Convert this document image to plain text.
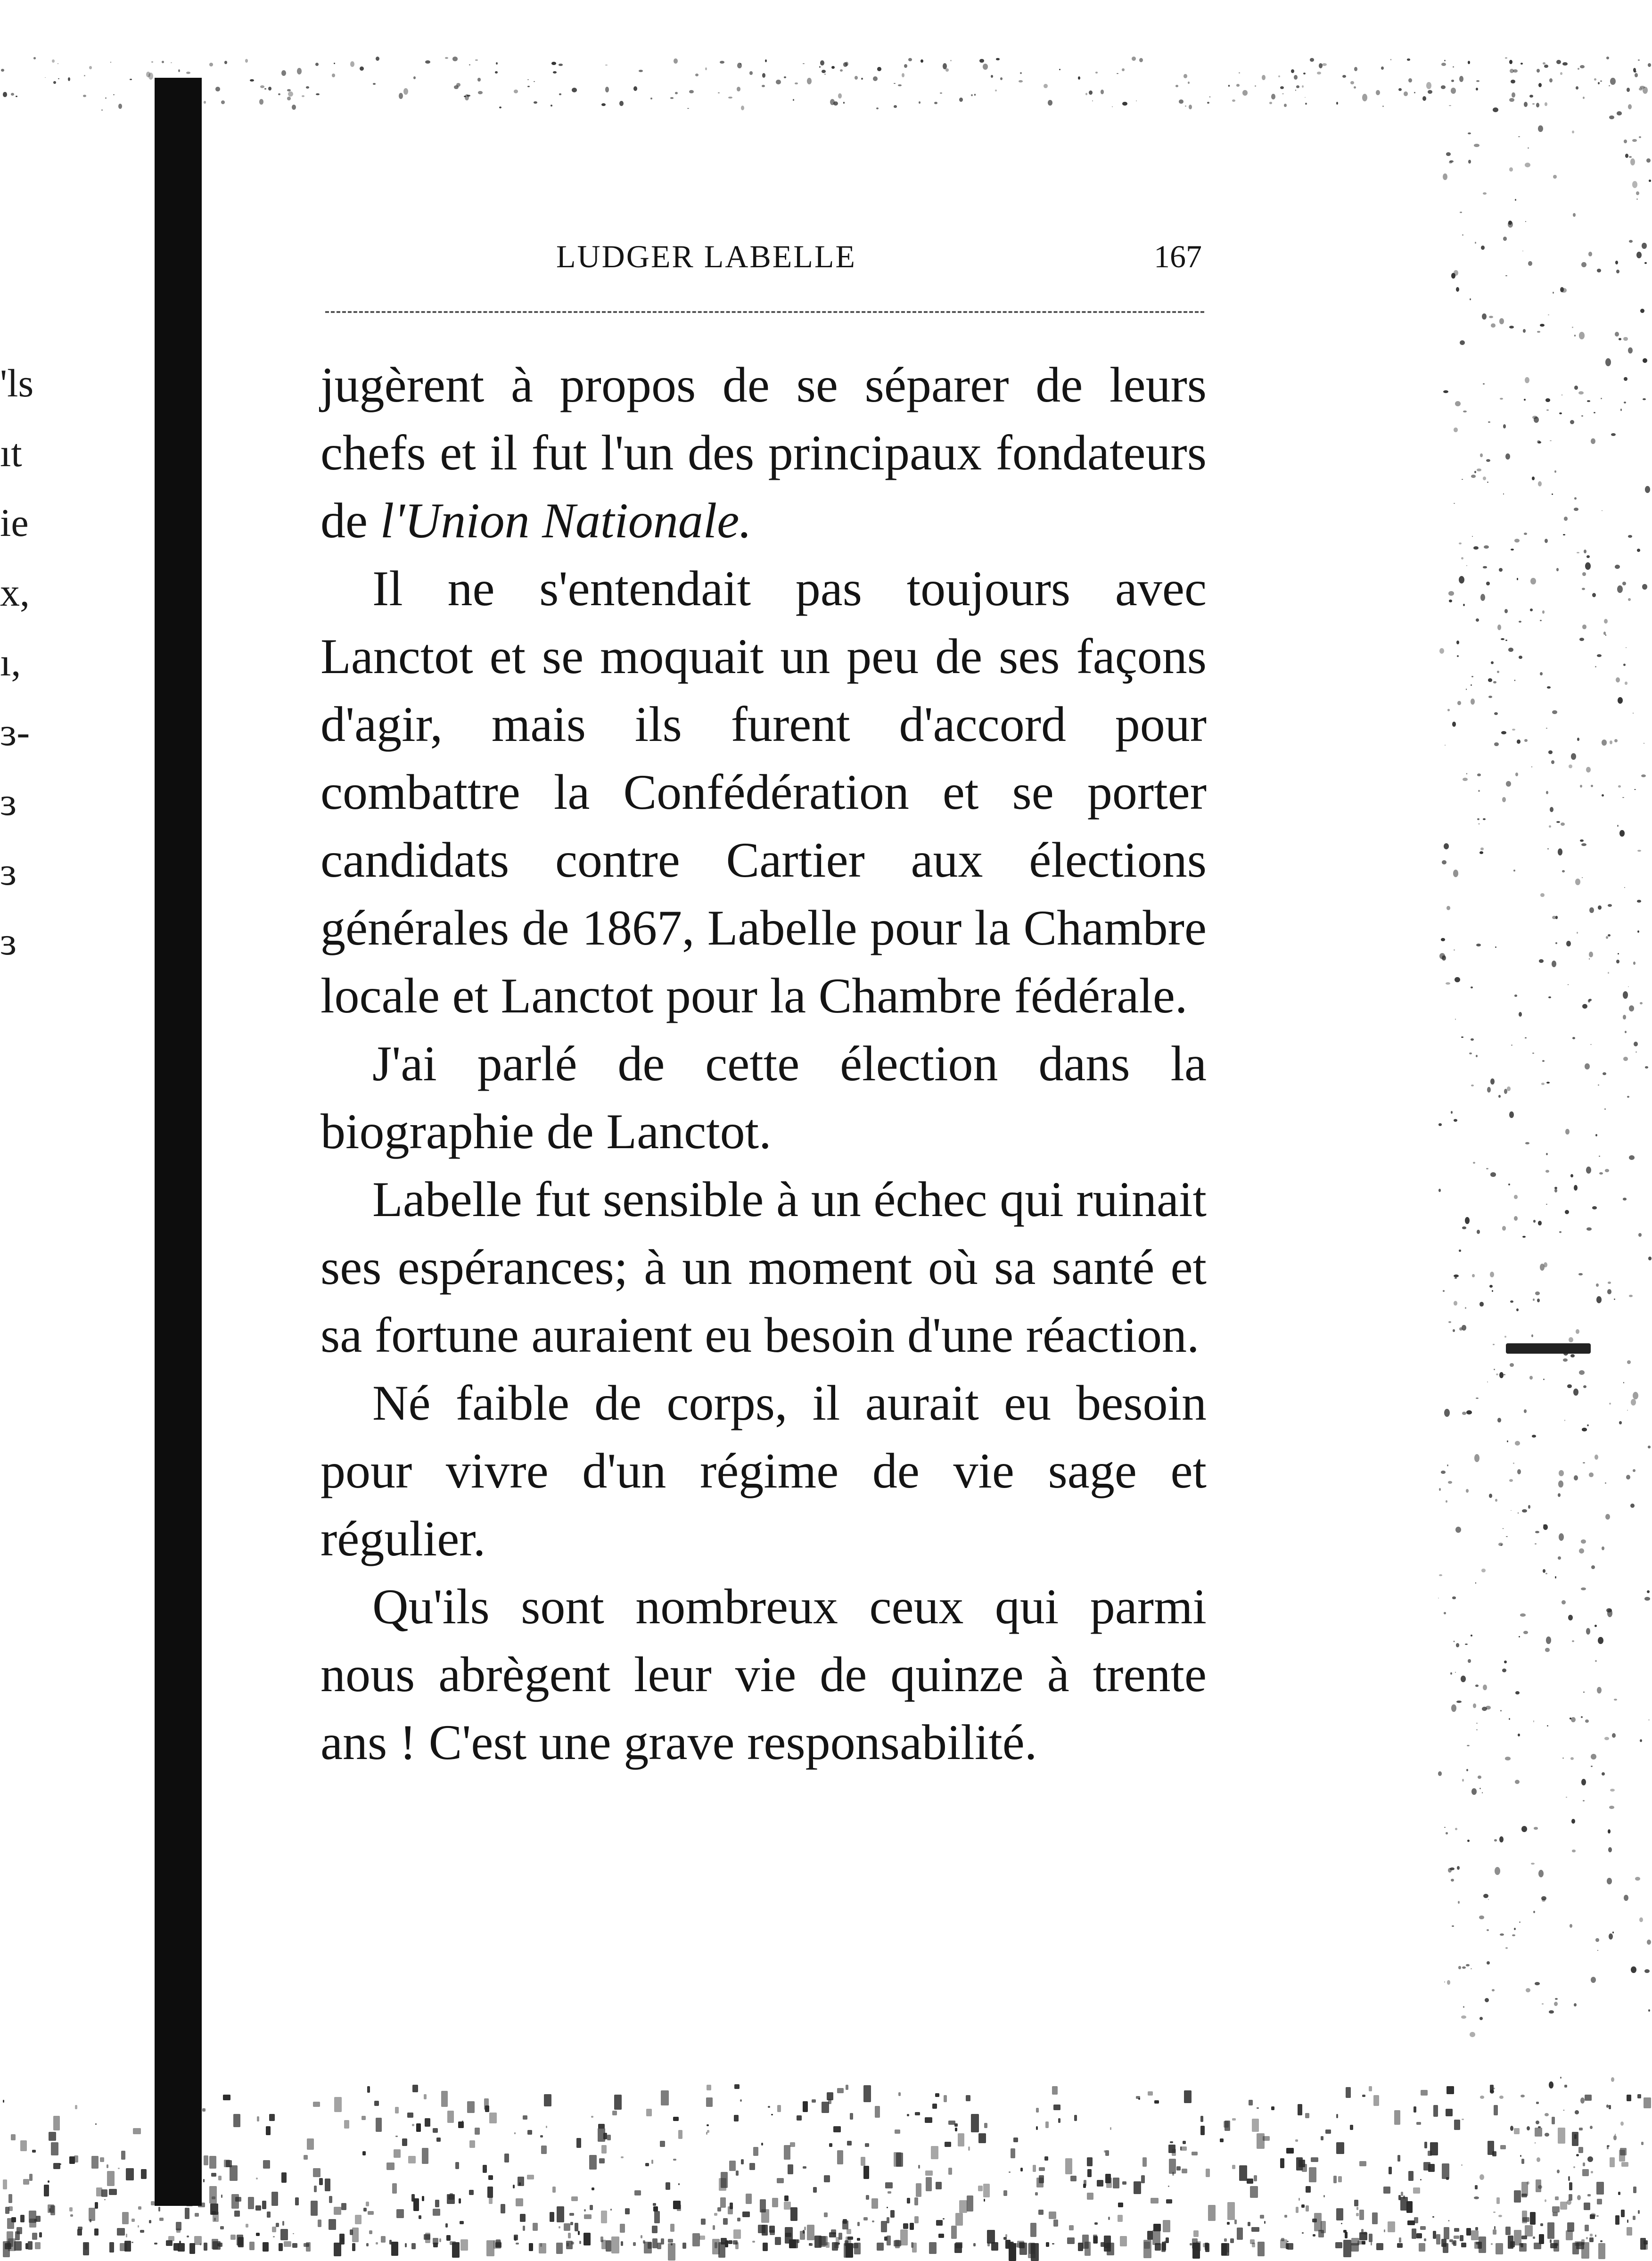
'ls
ıt
ie
x,
ı,
ɜ-
ɜ
ɜ
ɜ
LUDGER LABELLE	167

jugèrent à propos de se séparer de leurs
chefs et il fut l'un des principaux fondateurs
de l'Union Nationale.

Il ne s'entendait pas toujours avec Lanctot et se moquait un peu de ses façons d'agir, mais ils furent d'accord pour combattre la Confédération et se porter candidats contre Cartier aux élections générales de 1867, Labelle pour la Chambre locale et Lanctot pour la Chambre fédérale.

J'ai parlé de cette élection dans la biographie de Lanctot.

Labelle fut sensible à un échec qui ruinait ses espérances; à un moment où sa santé et sa fortune auraient eu besoin d'une réaction.

Né faible de corps, il aurait eu besoin pour vivre d'un régime de vie sage et régulier.

Qu'ils sont nombreux ceux qui parmi nous abrègent leur vie de quinze à trente ans ! C'est une grave responsabilité.
